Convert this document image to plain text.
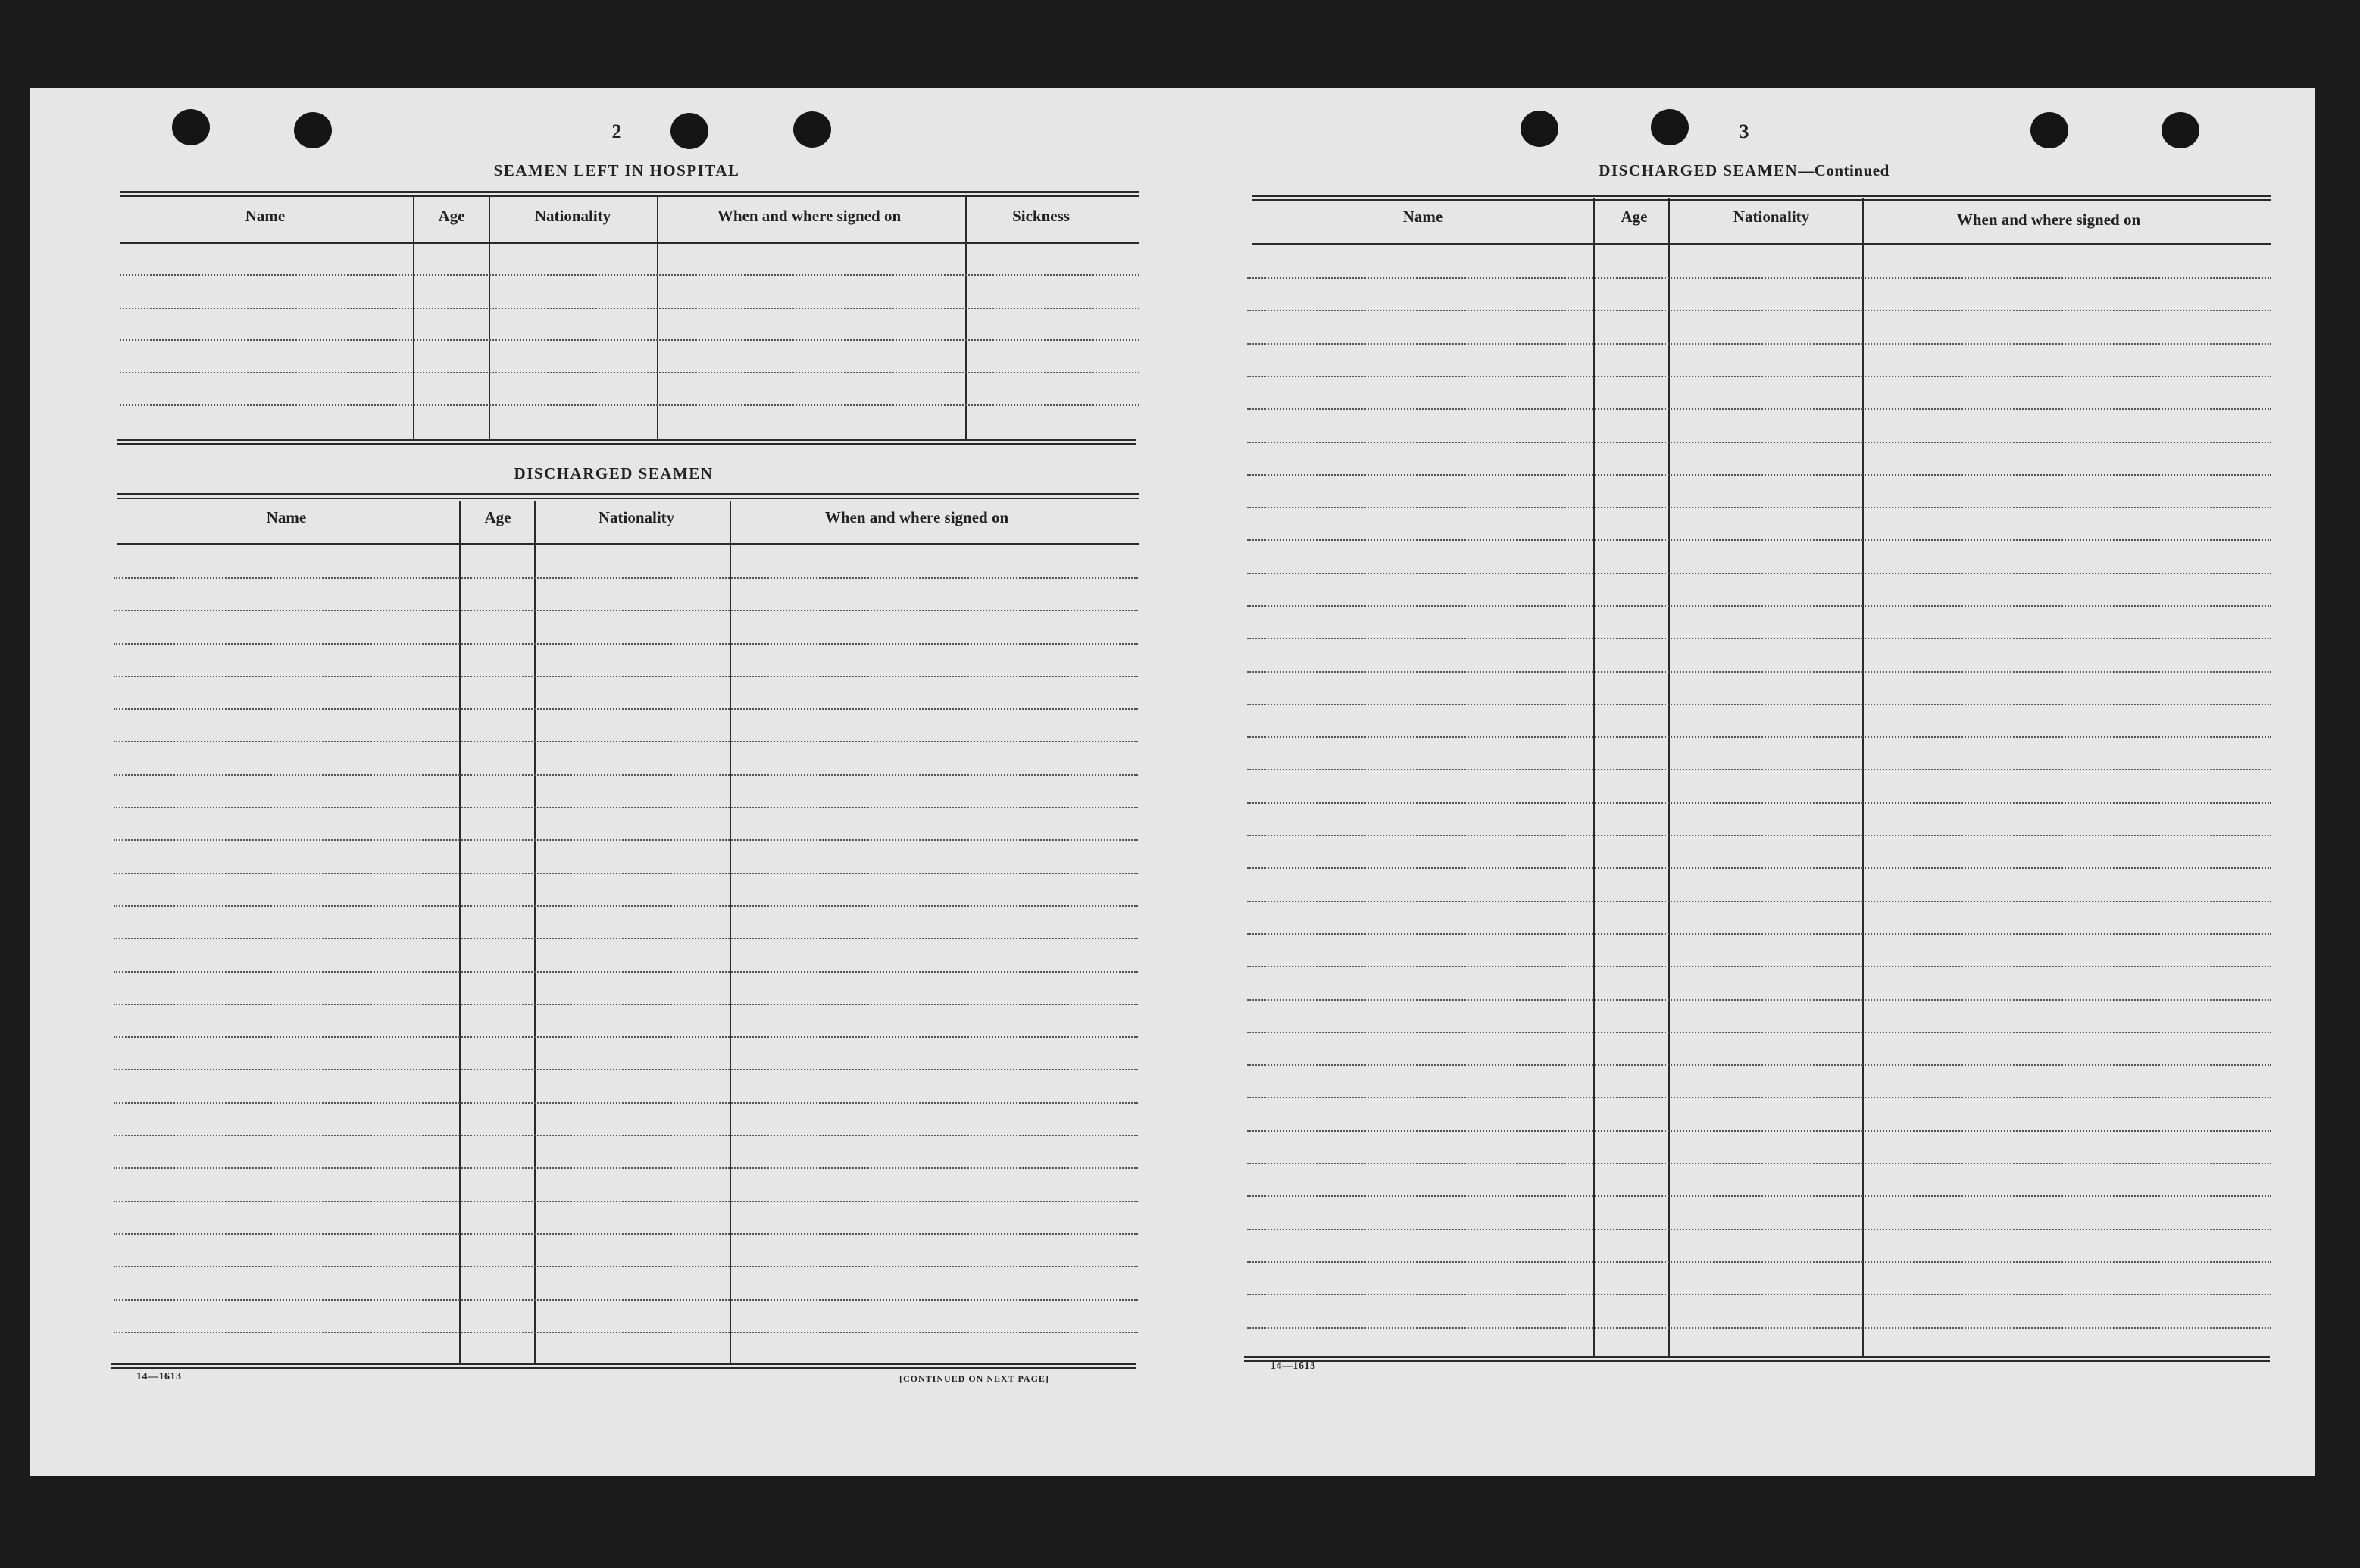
2
SEAMEN LEFT IN HOSPITAL
Name	Age	Nationality	When and where signed on	Sickness
DISCHARGED SEAMEN
Name	Age	Nationality	When and where signed on
14—1613	[CONTINUED ON NEXT PAGE]
3
DISCHARGED SEAMEN—Continued
Name	Age	Nationality	When and where signed on
14—1613
